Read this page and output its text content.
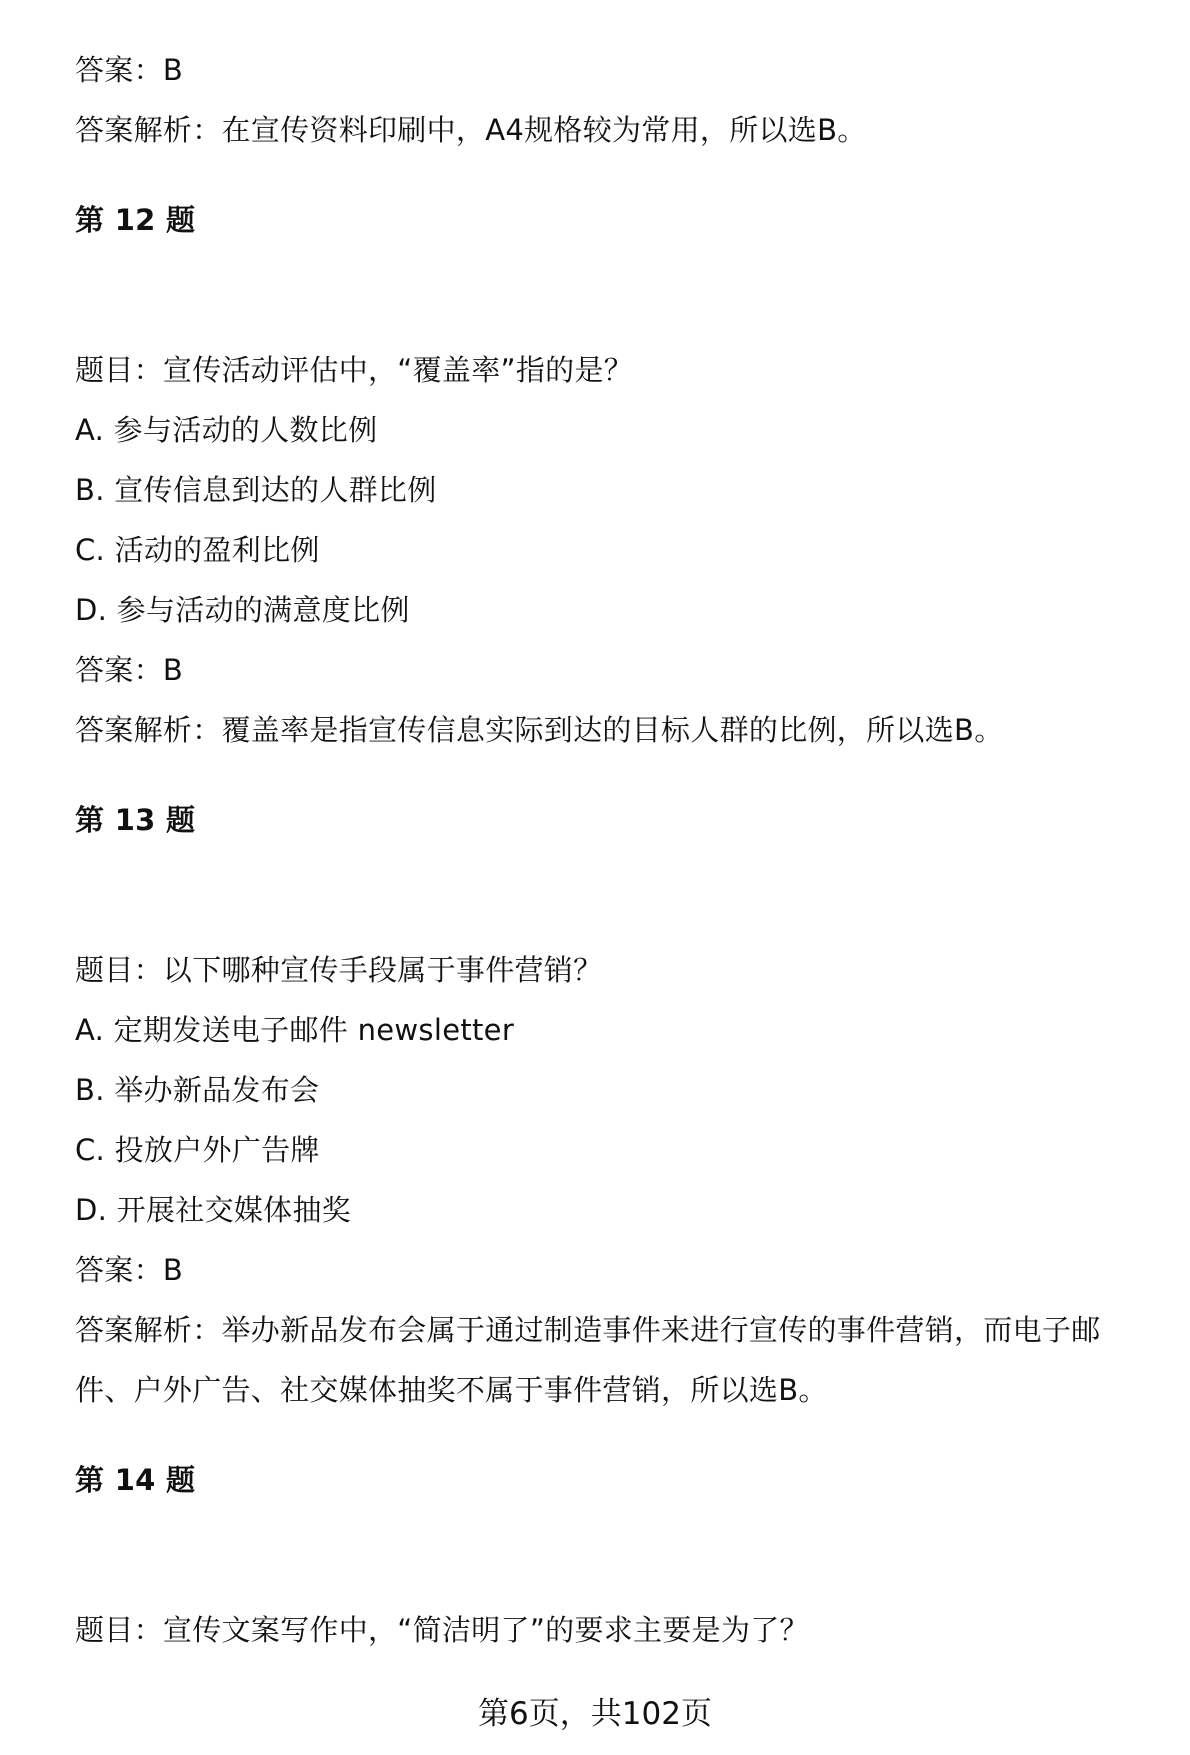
答案：B
答案解析：在宣传资料印刷中，A4规格较为常用，所以选B。
第 12 题
题目：宣传活动评估中，“覆盖率”指的是？
A. 参与活动的人数比例
B. 宣传信息到达的人群比例
C. 活动的盈利比例
D. 参与活动的满意度比例
答案：B
答案解析：覆盖率是指宣传信息实际到达的目标人群的比例，所以选B。
第 13 题
题目：以下哪种宣传手段属于事件营销？
A. 定期发送电子邮件 newsletter
B. 举办新品发布会
C. 投放户外广告牌
D. 开展社交媒体抽奖
答案：B
答案解析：举办新品发布会属于通过制造事件来进行宣传的事件营销，而电子邮
件、户外广告、社交媒体抽奖不属于事件营销，所以选B。
第 14 题
题目：宣传文案写作中，“简洁明了”的要求主要是为了？
第6页，共102页
